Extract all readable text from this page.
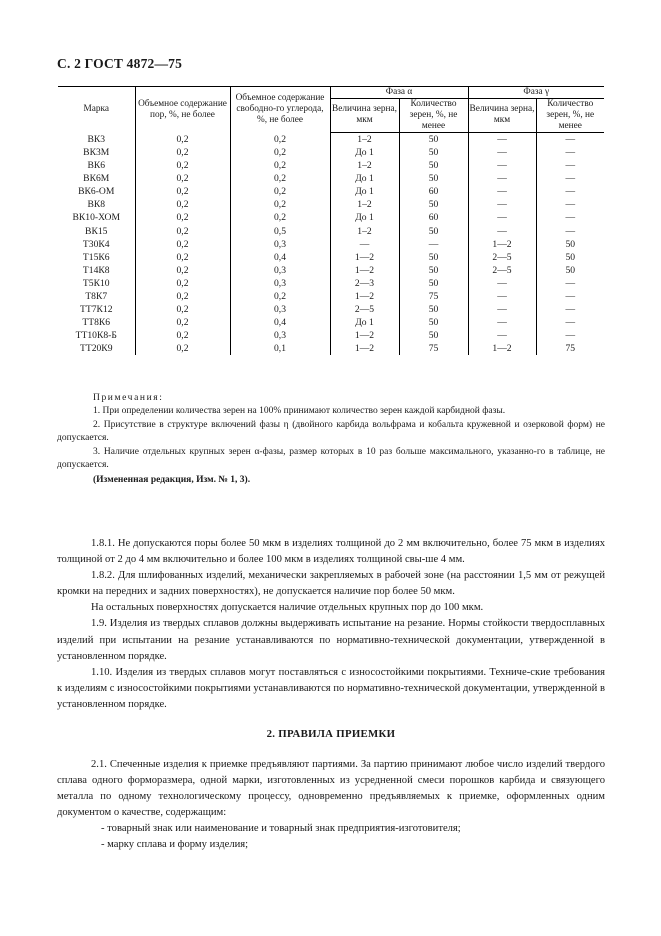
С. 2 ГОСТ 4872—75
Марка	Объемное содержание пор, %, не более	Объемное содержание свободно-го углерода, %, не более	Фаза α		Фаза γ	
			Величина зерна, мкм	Количество зерен, %, не менее	Величина зерна, мкм	Количество зерен, %, не менее
ВК3	0,2	0,2	1–2	50	—	—
ВК3М	0,2	0,2	До 1	50	—	—
ВК6	0,2	0,2	1–2	50	—	—
ВК6М	0,2	0,2	До 1	50	—	—
ВК6-ОМ	0,2	0,2	До 1	60	—	—
ВК8	0,2	0,2	1–2	50	—	—
ВК10-ХОМ	0,2	0,2	До 1	60	—	—
ВК15	0,2	0,5	1–2	50	—	—
Т30К4	0,2	0,3	—	—	1—2	50
Т15К6	0,2	0,4	1—2	50	2—5	50
Т14К8	0,2	0,3	1—2	50	2—5	50
Т5К10	0,2	0,3	2—3	50	—	—
Т8К7	0,2	0,2	1—2	75	—	—
ТТ7К12	0,2	0,3	2—5	50	—	—
ТТ8К6	0,2	0,4	До 1	50	—	—
ТТ10К8-Б	0,2	0,3	1—2	50	—	—
ТТ20К9	0,2	0,1	1—2	75	1—2	75
Примечания:

1. При определении количества зерен на 100% принимают количество зерен каждой карбидной фазы.

2. Присутствие в структуре включений фазы η (двойного карбида вольфрама и кобальта кружевной и озерковой форм) не допускается.

3. Наличие отдельных крупных зерен α-фазы, размер которых в 10 раз больше максимального, указанно-го в таблице, не допускается.

(Измененная редакция, Изм. № 1, 3).

1.8.1. Не допускаются поры более 50 мкм в изделиях толщиной до 2 мм включительно, более 75 мкм в изделиях толщиной от 2 до 4 мм включительно и более 100 мкм в изделиях толщиной свы-ше 4 мм.

1.8.2. Для шлифованных изделий, механически закрепляемых в рабочей зоне (на расстоянии 1,5 мм от режущей кромки на передних и задних поверхностях), не допускается наличие пор более 50 мкм.

На остальных поверхностях допускается наличие отдельных крупных пор до 100 мкм.

1.9. Изделия из твердых сплавов должны выдерживать испытание на резание. Нормы стойкости твердосплавных изделий при испытании на резание устанавливаются по нормативно-технической документации, утвержденной в установленном порядке.

1.10. Изделия из твердых сплавов могут поставляться с износостойкими покрытиями. Техниче-ские требования к изделиям с износостойкими покрытиями устанавливаются по нормативно-технической документации, утвержденной в установленном порядке.

2. ПРАВИЛА ПРИЕМКИ

2.1. Спеченные изделия к приемке предъявляют партиями. За партию принимают любое число изделий твердого сплава одного форморазмера, одной марки, изготовленных из усредненной смеси порошков карбида и связующего металла по одному технологическому процессу, одновременно предъявляемых к приемке, оформленных одним документом о качестве, содержащим:

- товарный знак или наименование и товарный знак предприятия-изготовителя;

- марку сплава и форму изделия;
